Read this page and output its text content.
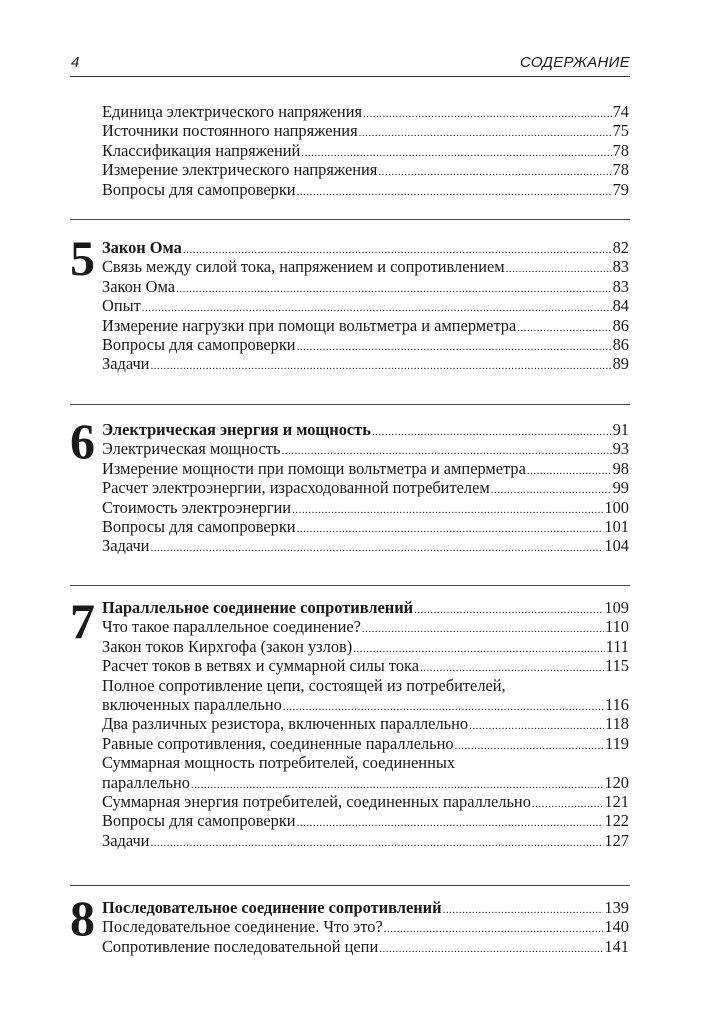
4	СОДЕРЖАНИЕ
Единица электрического напряжения .....	74
Источники постоянного напряжения .....	75
Классификация напряжений .....	78
Измерение электрического напряжения .....	78
Вопросы для самопроверки .....	79
5 Закон Ома .....	82
Связь между силой тока, напряжением и сопротивлением .....	83
Закон Ома .....	83
Опыт .....	84
Измерение нагрузки при помощи вольтметра и амперметра .....	86
Вопросы для самопроверки .....	86
Задачи .....	89
6 Электрическая энергия и мощность .....	91
Электрическая мощность .....	93
Измерение мощности при помощи вольтметра и амперметра .....	98
Расчет электроэнергии, израсходованной потребителем .....	99
Стоимость электроэнергии .....	100
Вопросы для самопроверки .....	101
Задачи .....	104
7 Параллельное соединение сопротивлений .....	109
Что такое параллельное соединение? .....	110
Закон токов Кирхгофа (закон узлов) .....	111
Расчет токов в ветвях и суммарной силы тока .....	115
Полное сопротивление цепи, состоящей из потребителей,
включенных параллельно .....	116
Два различных резистора, включенных параллельно .....	118
Равные сопротивления, соединенные параллельно .....	119
Суммарная мощность потребителей, соединенных
параллельно .....	120
Суммарная энергия потребителей, соединенных параллельно .....	121
Вопросы для самопроверки .....	122
Задачи .....	127
8 Последовательное соединение сопротивлений .....	139
Последовательное соединение. Что это? .....	140
Сопротивление последовательной цепи .....	141
